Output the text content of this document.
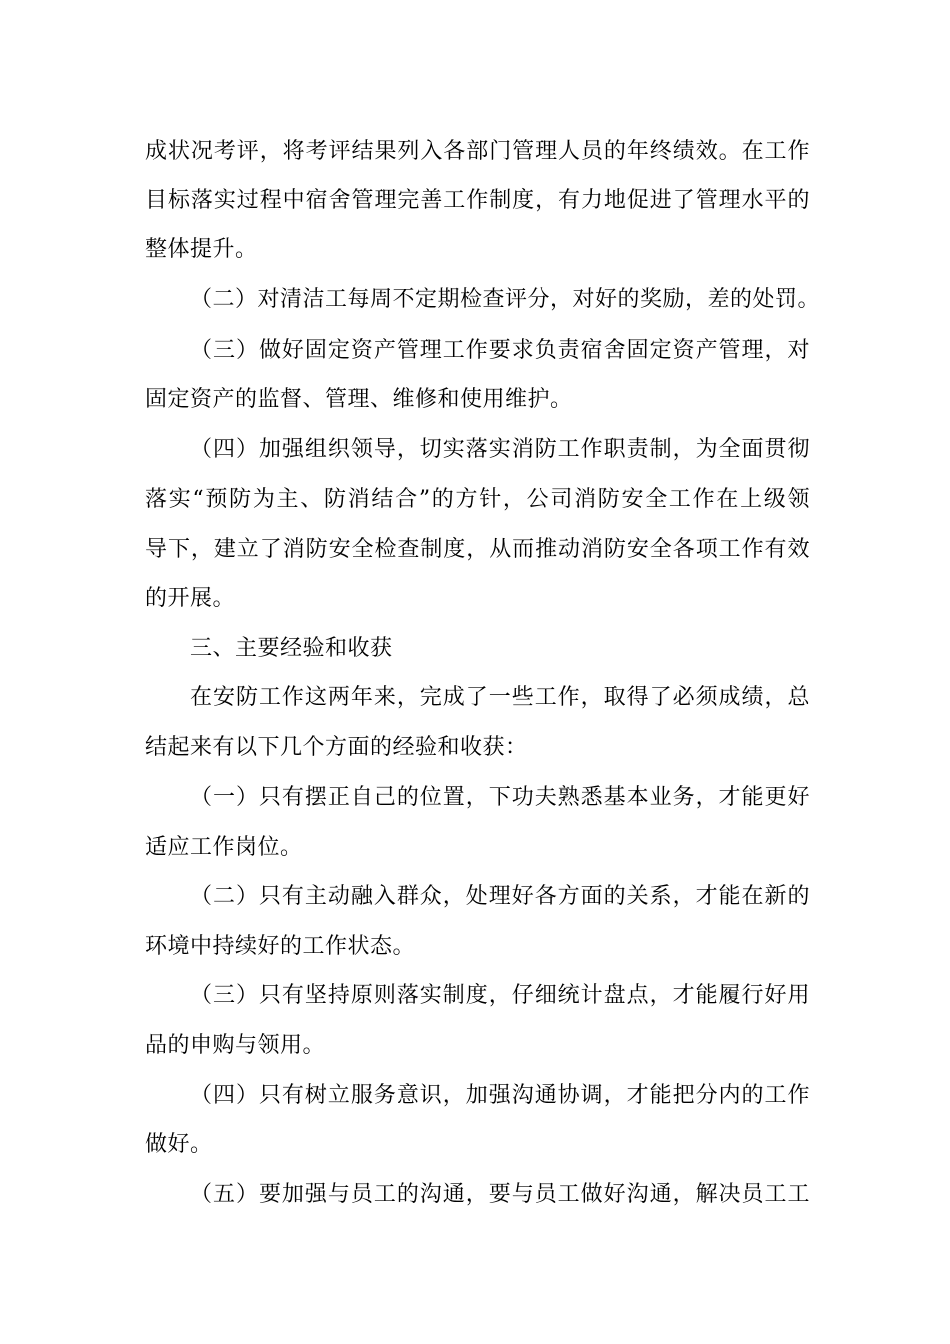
成状况考评，将考评结果列入各部门管理人员的年终绩效。在工作
目标落实过程中宿舍管理完善工作制度，有力地促进了管理水平的
整体提升。
（二）对清洁工每周不定期检查评分，对好的奖励，差的处罚。
（三）做好固定资产管理工作要求负责宿舍固定资产管理，对
固定资产的监督、管理、维修和使用维护。
（四）加强组织领导，切实落实消防工作职责制，为全面贯彻
落实“预防为主、防消结合”的方针，公司消防安全工作在上级领
导下，建立了消防安全检查制度，从而推动消防安全各项工作有效
的开展。
三、主要经验和收获
在安防工作这两年来，完成了一些工作，取得了必须成绩，总
结起来有以下几个方面的经验和收获：
（一）只有摆正自己的位置，下功夫熟悉基本业务，才能更好
适应工作岗位。
（二）只有主动融入群众，处理好各方面的关系，才能在新的
环境中持续好的工作状态。
（三）只有坚持原则落实制度，仔细统计盘点，才能履行好用
品的申购与领用。
（四）只有树立服务意识，加强沟通协调，才能把分内的工作
做好。
（五）要加强与员工的沟通，要与员工做好沟通，解决员工工
